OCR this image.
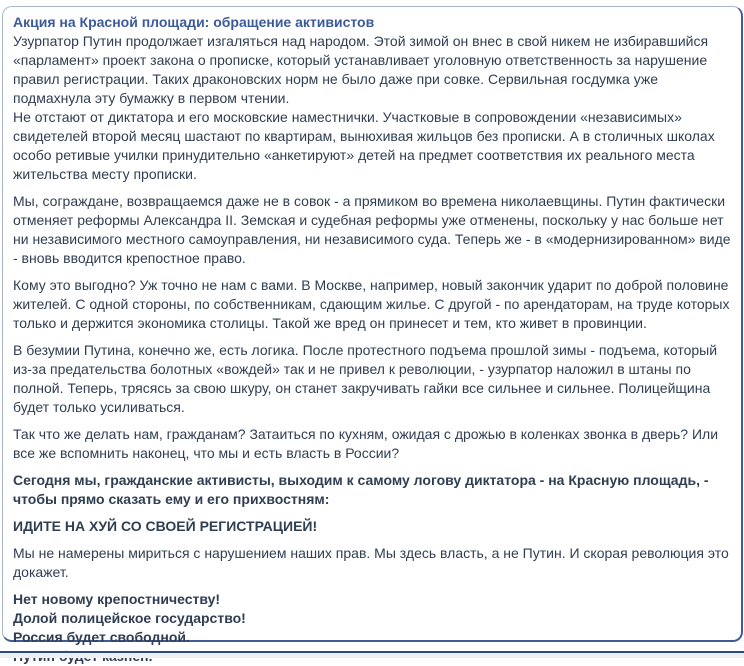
Акция на Красной площади: обращение активистов

Узурпатор Путин продолжает изгаляться над народом. Этой зимой он внес в свой никем не избиравшийся «парламент» проект закона о прописке, который устанавливает уголовную ответственность за нарушение правил регистрации. Таких драконовских норм не было даже при совке. Сервильная госдумка уже подмахнула эту бумажку в первом чтении.

Не отстают от диктатора и его московские наместнички. Участковые в сопровождении «независимых» свидетелей второй месяц шастают по квартирам, вынюхивая жильцов без прописки. А в столичных школах особо ретивые училки принудительно «анкетируют» детей на предмет соответствия их реального места жительства месту прописки.

Мы, сограждане, возвращаемся даже не в совок - а прямиком во времена николаевщины. Путин фактически отменяет реформы Александра II. Земская и судебная реформы уже отменены, поскольку у нас больше нет ни независимого местного самоуправления, ни независимого суда. Теперь же - в «модернизированном» виде - вновь вводится крепостное право.

Кому это выгодно? Уж точно не нам с вами. В Москве, например, новый закончик ударит по доброй половине жителей. С одной стороны, по собственникам, сдающим жилье. С другой - по арендаторам, на труде которых только и держится экономика столицы. Такой же вред он принесет и тем, кто живет в провинции.

В безумии Путина, конечно же, есть логика. После протестного подъема прошлой зимы - подъема, который из-за предательства болотных «вождей» так и не привел к революции, - узурпатор наложил в штаны по полной. Теперь, трясясь за свою шкуру, он станет закручивать гайки все сильнее и сильнее. Полицейщина будет только усиливаться.

Так что же делать нам, гражданам? Затаиться по кухням, ожидая с дрожью в коленках звонка в дверь? Или все же вспомнить наконец, что мы и есть власть в России?

Сегодня мы, гражданские активисты, выходим к самому логову диктатора - на Красную площадь, - чтобы прямо сказать ему и его прихвостням:

ИДИТЕ НА ХУЙ СО СВОЕЙ РЕГИСТРАЦИЕЙ!

Мы не намерены мириться с нарушением наших прав. Мы здесь власть, а не Путин. И скорая революция это докажет.

Нет новому крепостничеству!
Долой полицейское государство!
Россия будет свободной.
